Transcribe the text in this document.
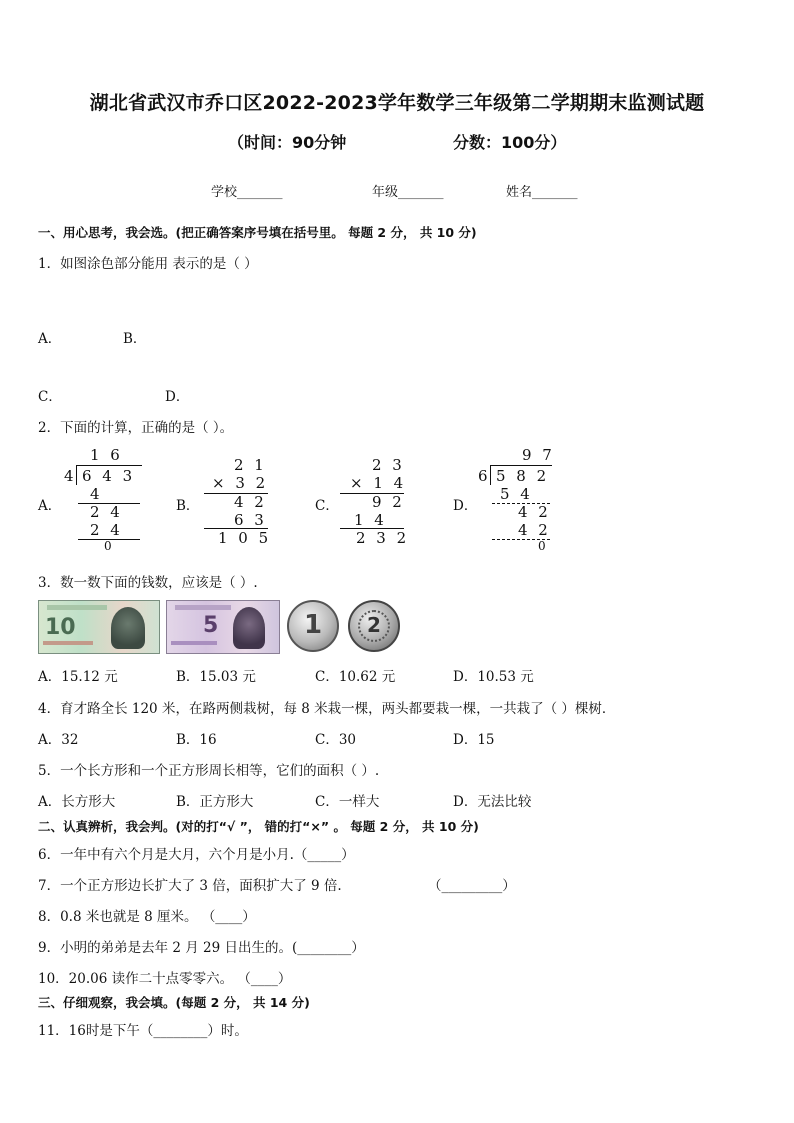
湖北省武汉市乔口区2022-2023学年数学三年级第二学期期末监测试题
（时间：90分钟	分数：100分）
学校_______	年级_______	姓名_______
一、用心思考，我会选。(把正确答案序号填在括号里。 每题 2 分， 共 10 分)
1．如图涂色部分能用 表示的是（ ）
A．	B．
C．	D．
2．下面的计算，正确的是（ ）。
A．	B．	C．	D．
1 6
4 6 4 3
4
2 4
2 4
0
2 1
× 3 2
4 2
6 3
1 0 5
2 3
× 1 4
9 2
1 4
2 3 2
9 7
6 5 8 2
5 4
4 2
4 2
0
3．数一数下面的钱数，应该是（ ）.
10	5	1	2
A．15.12 元	B．15.03 元	C．10.62 元	D．10.53 元
4．育才路全长 120 米，在路两侧栽树，每 8 米栽一棵，两头都要栽一棵，一共栽了（ ）棵树．
A．32	B．16	C．30	D．15
5．一个长方形和一个正方形周长相等，它们的面积（ ）.
A．长方形大	B．正方形大	C．一样大	D．无法比较
二、认真辨析，我会判。(对的打“√ ”， 错的打“×” 。 每题 2 分， 共 10 分)
6．一年中有六个月是大月，六个月是小月.（_____）
7．一个正方形边长扩大了 3 倍，面积扩大了 9 倍.	（_________）
8．0.8 米也就是 8 厘米。 （____）
9．小明的弟弟是去年 2 月 29 日出生的。(________）
10．20.06 读作二十点零零六。 （____）
三、仔细观察，我会填。(每题 2 分， 共 14 分)
11．16时是下午（________）时。
